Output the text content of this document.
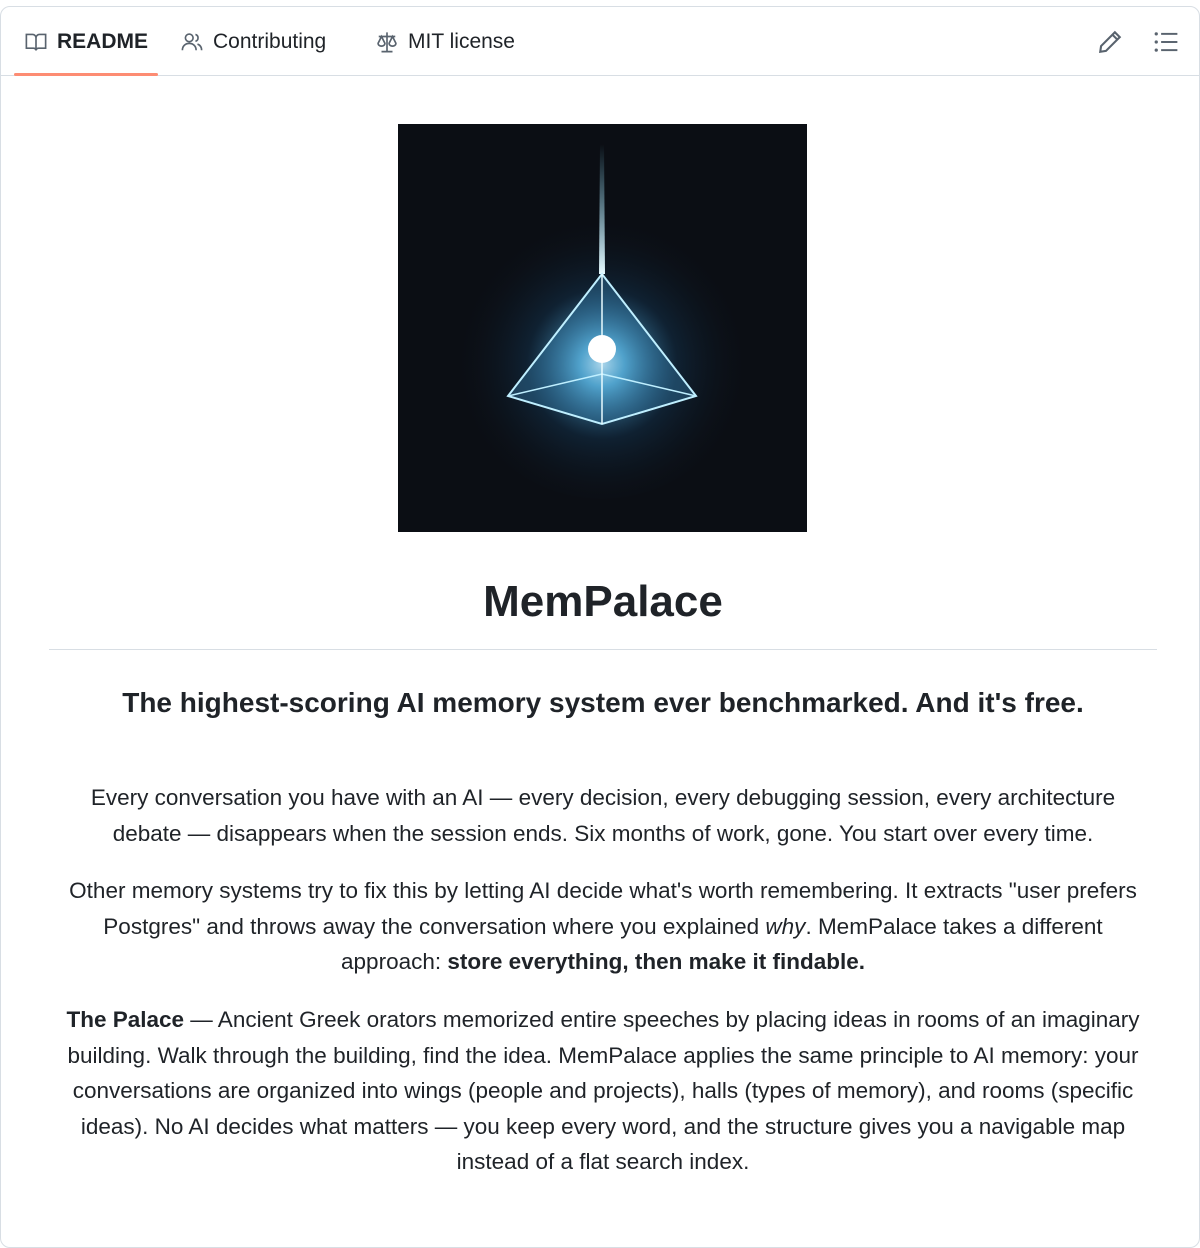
README	Contributing	MIT license
MemPalace
The highest-scoring AI memory system ever benchmarked. And it's free.

Every conversation you have with an AI — every decision, every debugging session, every architecture debate — disappears when the session ends. Six months of work, gone. You start over every time.

Other memory systems try to fix this by letting AI decide what's worth remembering. It extracts "user prefers Postgres" and throws away the conversation where you explained why. MemPalace takes a different approach: store everything, then make it findable.

The Palace — Ancient Greek orators memorized entire speeches by placing ideas in rooms of an imaginary building. Walk through the building, find the idea. MemPalace applies the same principle to AI memory: your conversations are organized into wings (people and projects), halls (types of memory), and rooms (specific ideas). No AI decides what matters — you keep every word, and the structure gives you a navigable map instead of a flat search index.
